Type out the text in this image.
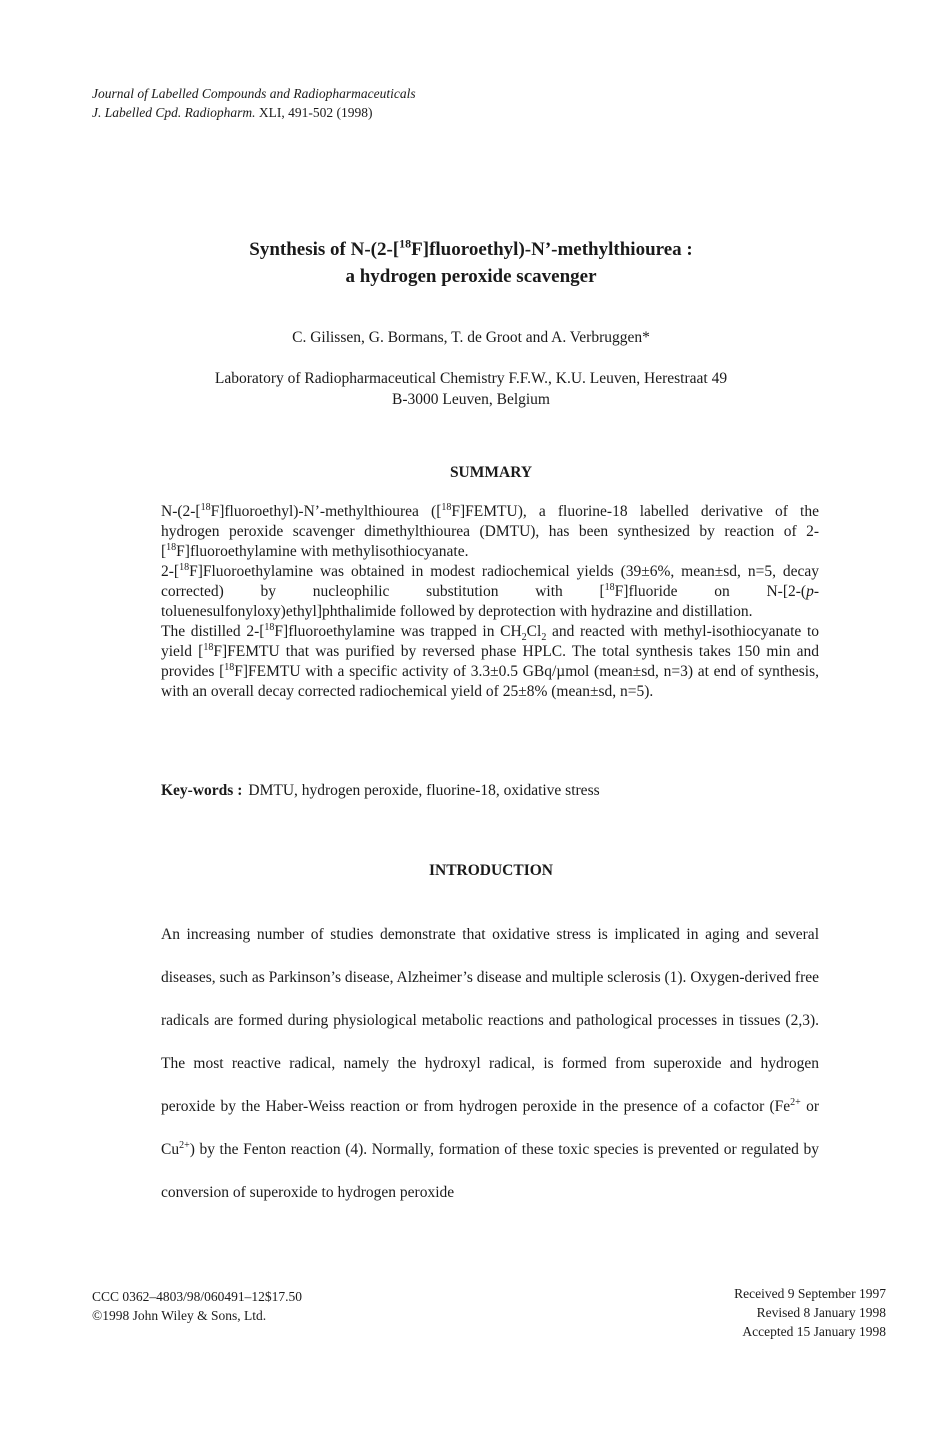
Journal of Labelled Compounds and Radiopharmaceuticals
J. Labelled Cpd. Radiopharm. XLI, 491-502 (1998)
Synthesis of N-(2-[$^{18}$F]fluoroethyl)-N’-methylthiourea :
a hydrogen peroxide scavenger
C. Gilissen, G. Bormans, T. de Groot and A. Verbruggen*
Laboratory of Radiopharmaceutical Chemistry F.F.W., K.U. Leuven, Herestraat 49
B-3000 Leuven, Belgium
SUMMARY

N-(2-[$^{18}$F]fluoroethyl)-N’-methylthiourea ([$^{18}$F]FEMTU), a fluorine-18 labelled derivative of the hydrogen peroxide scavenger dimethylthiourea (DMTU), has been synthesized by reaction of 2-[$^{18}$F]fluoroethylamine with methylisothiocyanate.

2-[$^{18}$F]Fluoroethylamine was obtained in modest radiochemical yields (39±6%, mean±sd, n=5, decay corrected) by nucleophilic substitution with [$^{18}$F]fluoride on N-[2-(p-toluenesulfonyloxy)ethyl]phthalimide followed by deprotection with hydrazine and distillation.

The distilled 2-[$^{18}$F]fluoroethylamine was trapped in $CH_2Cl_2$ and reacted with methyl-isothiocyanate to yield [$^{18}$F]FEMTU that was purified by reversed phase HPLC. The total synthesis takes 150 min and provides [$^{18}$F]FEMTU with a specific activity of 3.3±0.5 GBq/µmol (mean±sd, n=3) at end of synthesis, with an overall decay corrected radiochemical yield of 25±8% (mean±sd, n=5).

Key-words : DMTU, hydrogen peroxide, fluorine-18, oxidative stress
INTRODUCTION

An increasing number of studies demonstrate that oxidative stress is implicated in aging and several diseases, such as Parkinson’s disease, Alzheimer’s disease and multiple sclerosis (1). Oxygen-derived free radicals are formed during physiological metabolic reactions and pathological processes in tissues (2,3). The most reactive radical, namely the hydroxyl radical, is formed from superoxide and hydrogen peroxide by the Haber-Weiss reaction or from hydrogen peroxide in the presence of a cofactor ($Fe^{2+}$ or $Cu^{2+}$) by the Fenton reaction (4). Normally, formation of these toxic species is prevented or regulated by conversion of superoxide to hydrogen peroxide

CCC 0362–4803/98/060491–12$17.50
©1998 John Wiley & Sons, Ltd.
Received 9 September 1997
Revised 8 January 1998
Accepted 15 January 1998
